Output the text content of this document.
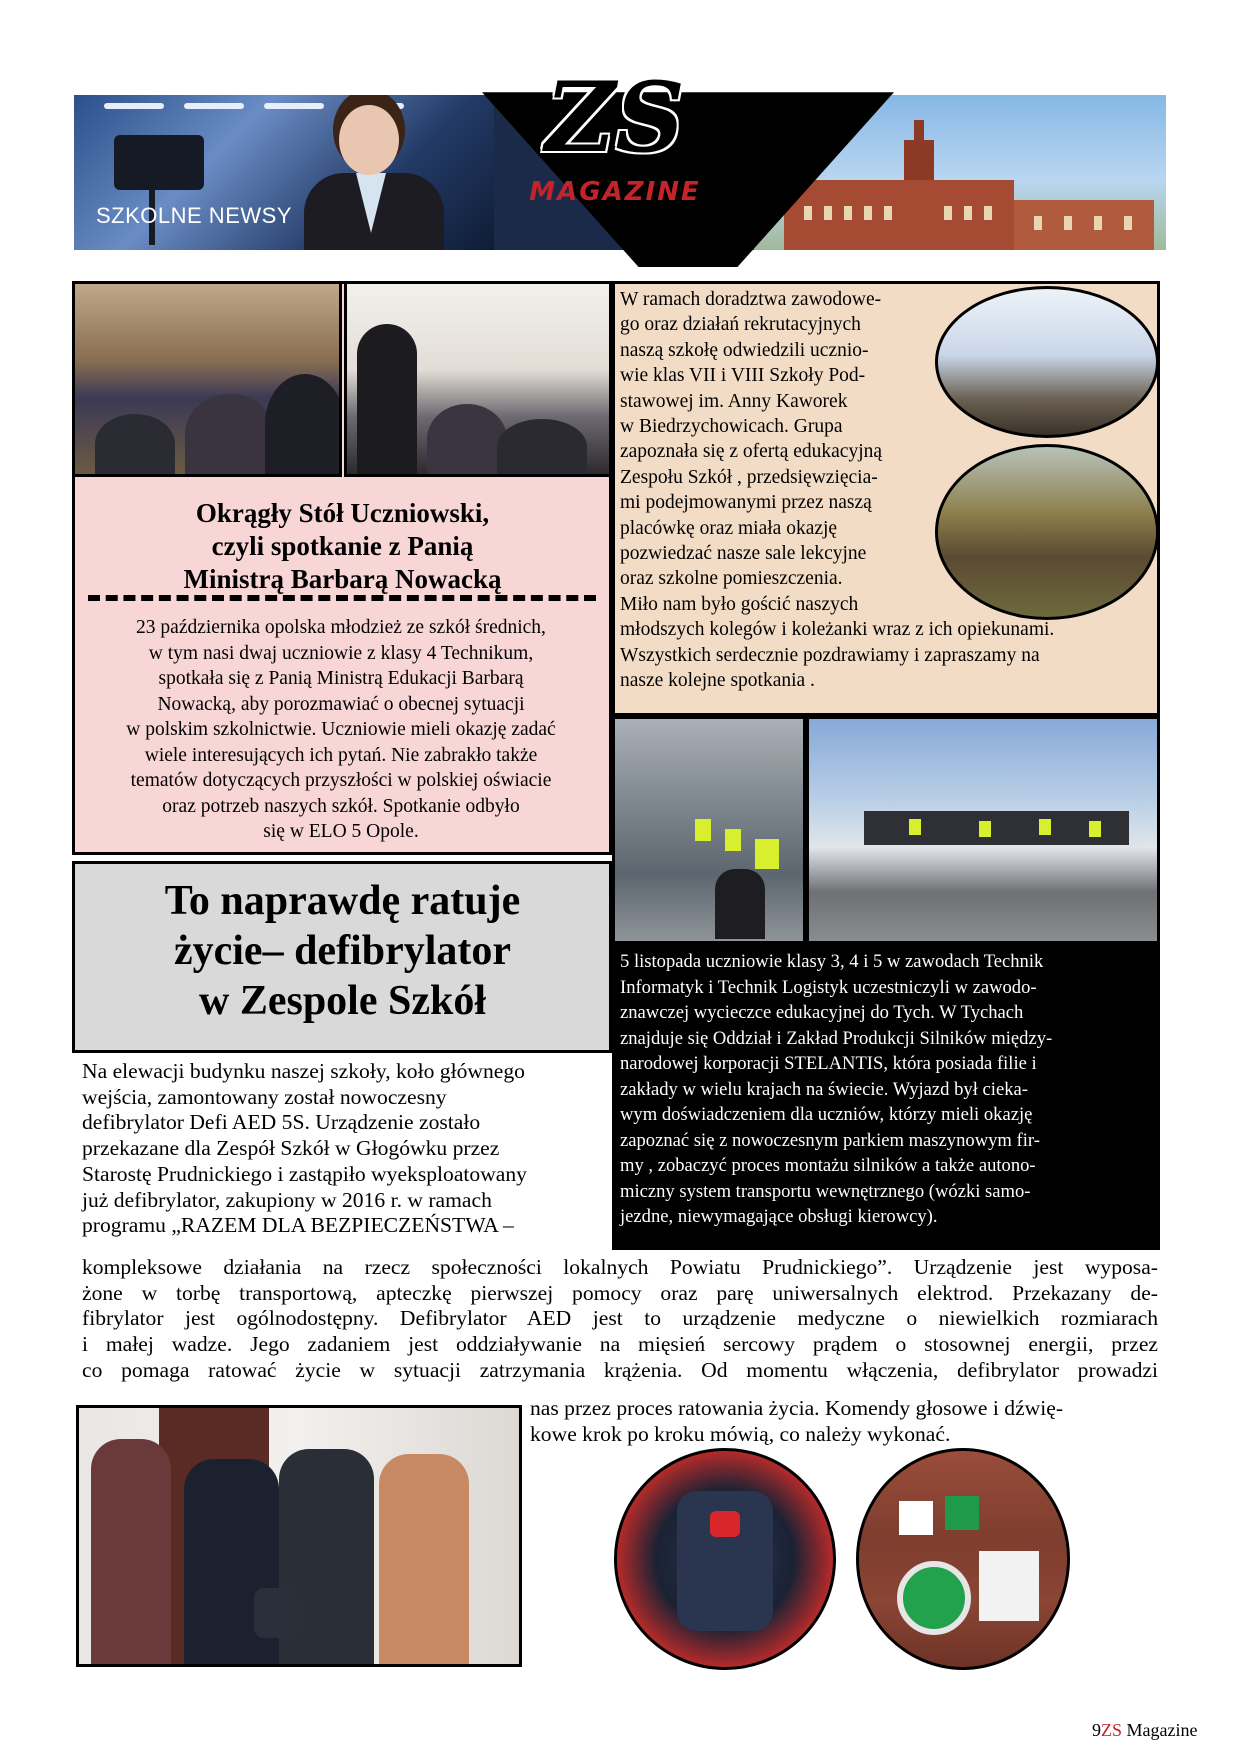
SZKOLNE NEWSY
ZS
MAGAZINE
Okrągły Stół Uczniowski,
czyli spotkanie z Panią
Ministrą Barbarą Nowacką
23 października opolska młodzież ze szkół średnich,
w tym nasi dwaj uczniowie z klasy 4 Technikum,
spotkała się z Panią Ministrą Edukacji Barbarą
Nowacką, aby porozmawiać o obecnej sytuacji
w polskim szkolnictwie. Uczniowie mieli okazję zadać
wiele interesujących ich pytań. Nie zabrakło także
tematów dotyczących przyszłości w polskiej oświacie
oraz potrzeb naszych szkół. Spotkanie odbyło
się w ELO 5 Opole.
W ramach doradztwa zawodowe-
go oraz działań rekrutacyjnych
naszą szkołę odwiedzili ucznio-
wie klas VII i VIII Szkoły Pod-
stawowej im. Anny Kaworek
w Biedrzychowicach. Grupa
zapoznała się z ofertą edukacyjną
Zespołu Szkół , przedsięwzięcia-
mi podejmowanymi przez naszą
placówkę oraz miała okazję
pozwiedzać nasze sale lekcyjne
oraz szkolne pomieszczenia.
Miło nam było gościć naszych
młodszych kolegów i koleżanki wraz z ich opiekunami.
Wszystkich serdecznie pozdrawiamy i zapraszamy na
nasze kolejne spotkania .
5 listopada uczniowie klasy 3, 4 i 5 w zawodach Technik
Informatyk i Technik Logistyk uczestniczyli w zawodo-
znawczej wycieczce edukacyjnej do Tych. W Tychach
znajduje się Oddział i Zakład Produkcji Silników między-
narodowej korporacji STELANTIS, która posiada filie i
zakłady w wielu krajach na świecie. Wyjazd był cieka-
wym doświadczeniem dla uczniów, którzy mieli okazję
zapoznać się z nowoczesnym parkiem maszynowym fir-
my , zobaczyć proces montażu silników a także autono-
miczny system transportu wewnętrznego (wózki samo-
jezdne, niewymagające obsługi kierowcy).
To naprawdę ratuje
życie– defibrylator
w Zespole Szkół
Na elewacji budynku naszej szkoły, koło głównego
wejścia, zamontowany został nowoczesny
defibrylator Defi AED 5S. Urządzenie zostało
przekazane dla Zespół Szkół w Głogówku przez
Starostę Prudnickiego i zastąpiło wyeksploatowany
już defibrylator, zakupiony w 2016 r. w ramach
programu „RAZEM DLA BEZPIECZEŃSTWA –
kompleksowe działania na rzecz społeczności lokalnych Powiatu Prudnickiego”. Urządzenie jest wyposa-
żone w torbę transportową, apteczkę pierwszej pomocy oraz parę uniwersalnych elektrod. Przekazany de-
fibrylator jest ogólnodostępny. Defibrylator AED jest to urządzenie medyczne o niewielkich rozmiarach
i małej wadze. Jego zadaniem jest oddziaływanie na mięsień sercowy prądem o stosownej energii, przez
co pomaga ratować życie w sytuacji zatrzymania krążenia. Od momentu włączenia, defibrylator prowadzi
nas przez proces ratowania życia. Komendy głosowe i dźwię-
kowe krok po kroku mówią, co należy wykonać.
9ZS Magazine
